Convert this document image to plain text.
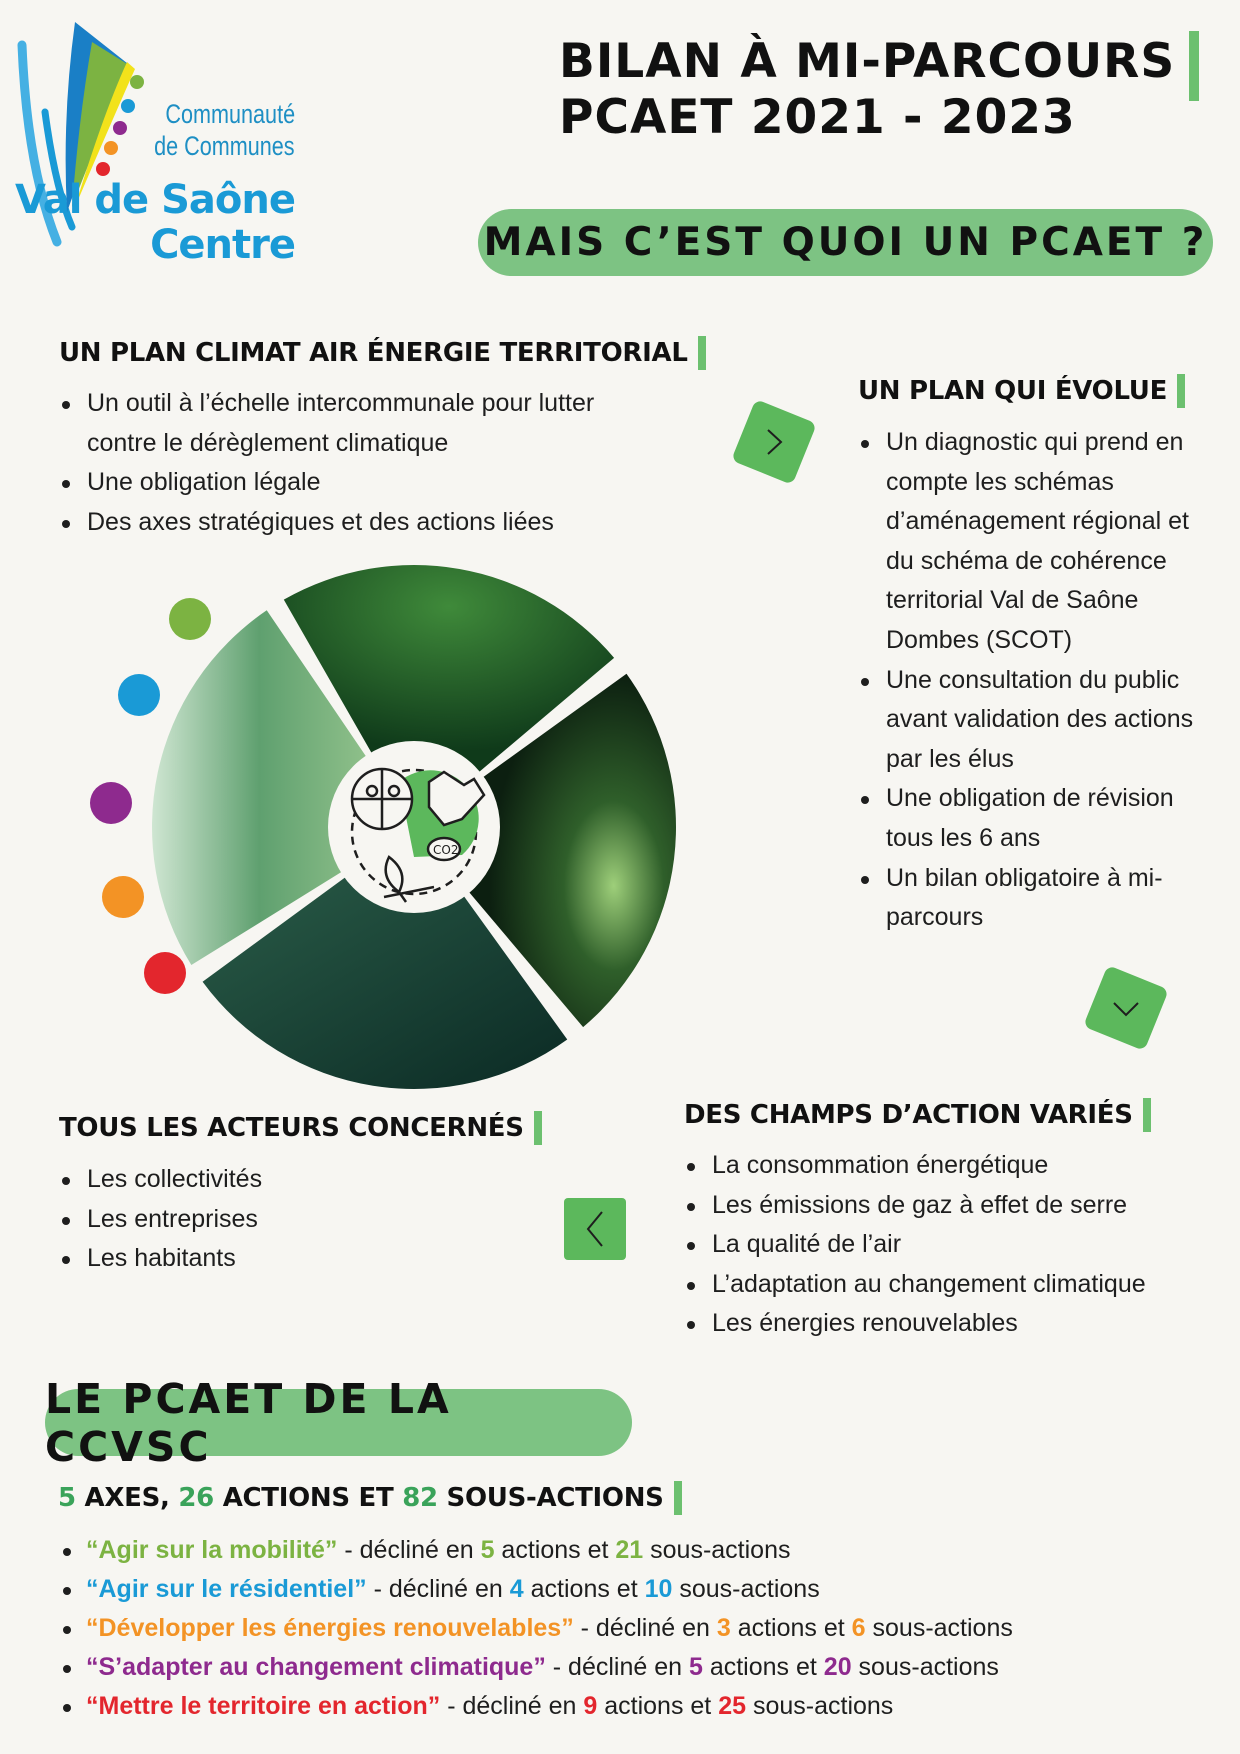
Communauté
de Communes
Val de Saône
Centre
BILAN À MI-PARCOURS
PCAET 2021 - 2023
MAIS C’EST QUOI UN PCAET ?
UN PLAN CLIMAT AIR ÉNERGIE TERRITORIAL
Un outil à l’échelle intercommunale pour lutter contre le dérèglement climatique
Une obligation légale
Des axes stratégiques et des actions liées
UN PLAN QUI ÉVOLUE
Un diagnostic qui prend en compte les schémas d’aménagement régional et du schéma de cohérence territorial Val de Saône Dombes (SCOT)
Une consultation du public avant validation des actions par les élus
Une obligation de révision tous les 6 ans
Un bilan obligatoire à mi-parcours
CO2
TOUS LES ACTEURS CONCERNÉS
Les collectivités
Les entreprises
Les habitants
DES CHAMPS D’ACTION VARIÉS
La consommation énergétique
Les émissions de gaz à effet de serre
La qualité de l’air
L’adaptation au changement climatique
Les énergies renouvelables
LE PCAET DE LA CCVSC
5 AXES, 26 ACTIONS ET 82 SOUS-ACTIONS
“Agir sur la mobilité” - décliné en 5 actions et 21 sous-actions
“Agir sur le résidentiel” - décliné en 4 actions et 10 sous-actions
“Développer les énergies renouvelables” - décliné en 3 actions et 6 sous-actions
“S’adapter au changement climatique” - décliné en 5 actions et 20 sous-actions
“Mettre le territoire en action” - décliné en 9 actions et 25 sous-actions
